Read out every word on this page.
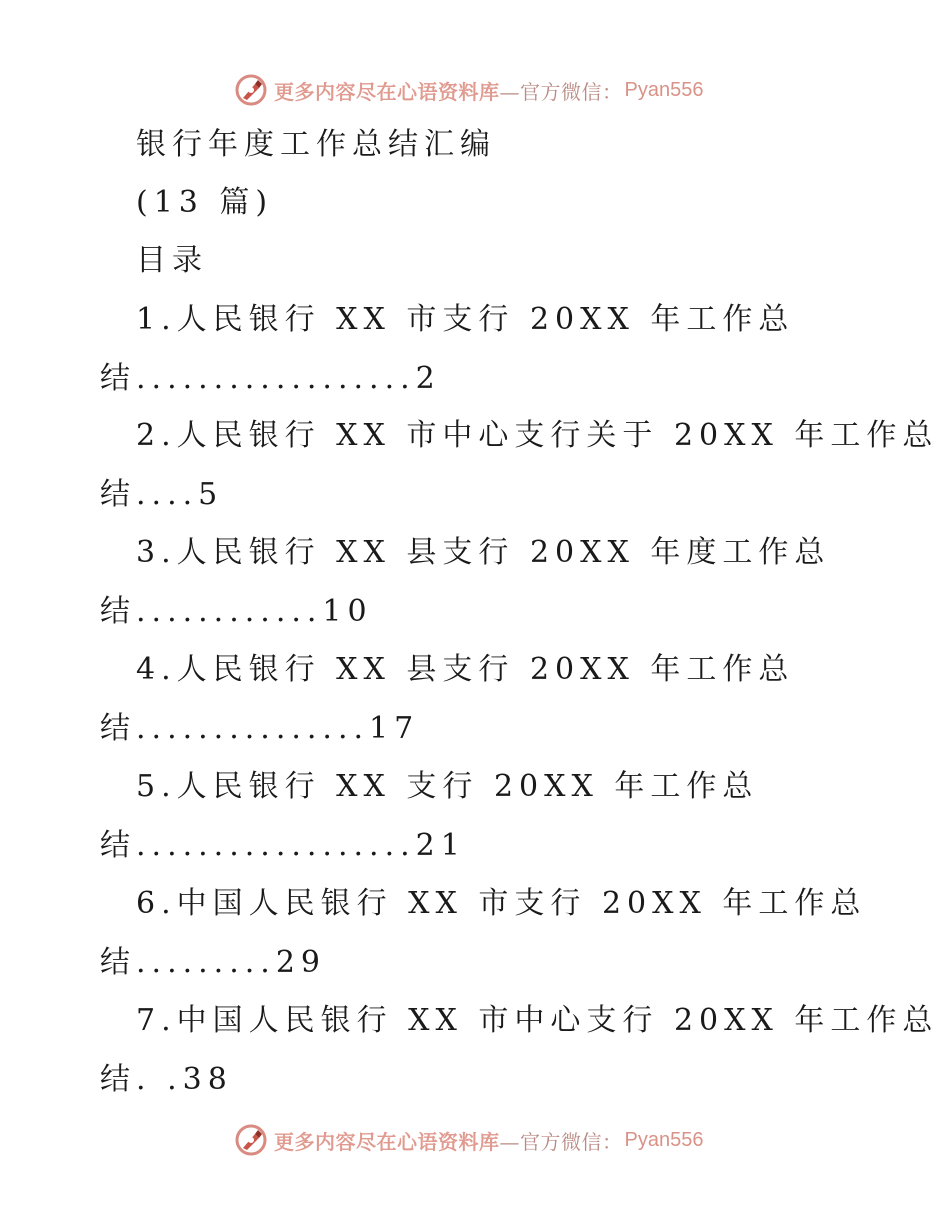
更多内容尽在心语资料库 —官方微信： Pyan556
银行年度工作总结汇编
(13 篇)
目录
1.人民银行 XX 市支行 20XX 年工作总
结..................2
2.人民银行 XX 市中心支行关于 20XX 年工作总
结....5
3.人民银行 XX 县支行 20XX 年度工作总
结............10
4.人民银行 XX 县支行 20XX 年工作总
结...............17
5.人民银行 XX 支行 20XX 年工作总
结..................21
6.中国人民银行 XX 市支行 20XX 年工作总
结.........29
7.中国人民银行 XX 市中心支行 20XX 年工作总
结. .38
更多内容尽在心语资料库 —官方微信： Pyan556
